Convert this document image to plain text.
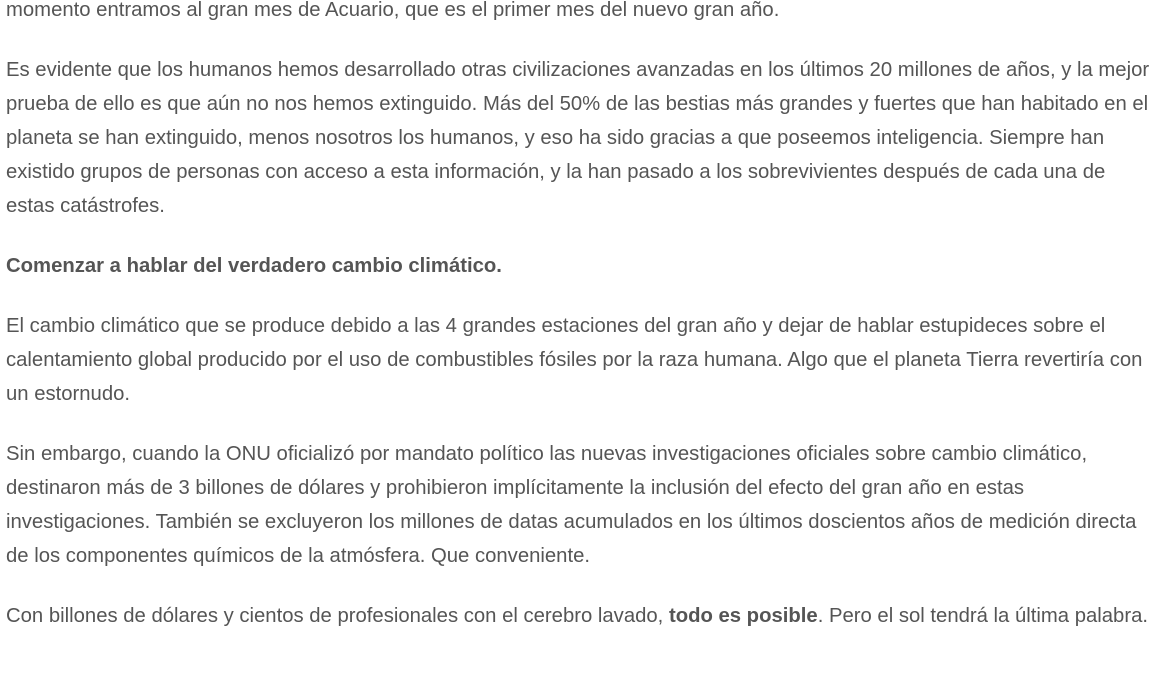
momento entramos al gran mes de Acuario, que es el primer mes del nuevo gran año.

Es evidente que los humanos hemos desarrollado otras civilizaciones avanzadas en los últimos 20 millones de años, y la mejor prueba de ello es que aún no nos hemos extinguido. Más del 50% de las bestias más grandes y fuertes que han habitado en el planeta se han extinguido, menos nosotros los humanos, y eso ha sido gracias a que poseemos inteligencia. Siempre han existido grupos de personas con acceso a esta información, y la han pasado a los sobrevivientes después de cada una de estas catástrofes.

Comenzar a hablar del verdadero cambio climático.

El cambio climático que se produce debido a las 4 grandes estaciones del gran año y dejar de hablar estupideces sobre el calentamiento global producido por el uso de combustibles fósiles por la raza humana. Algo que el planeta Tierra revertiría con un estornudo.

Sin embargo, cuando la ONU oficializó por mandato político las nuevas investigaciones oficiales sobre cambio climático, destinaron más de 3 billones de dólares y prohibieron implícitamente la inclusión del efecto del gran año en estas investigaciones. También se excluyeron los millones de datas acumulados en los últimos doscientos años de medición directa de los componentes químicos de la atmósfera. Que conveniente.

Con billones de dólares y cientos de profesionales con el cerebro lavado, todo es posible. Pero el sol tendrá la última palabra.
